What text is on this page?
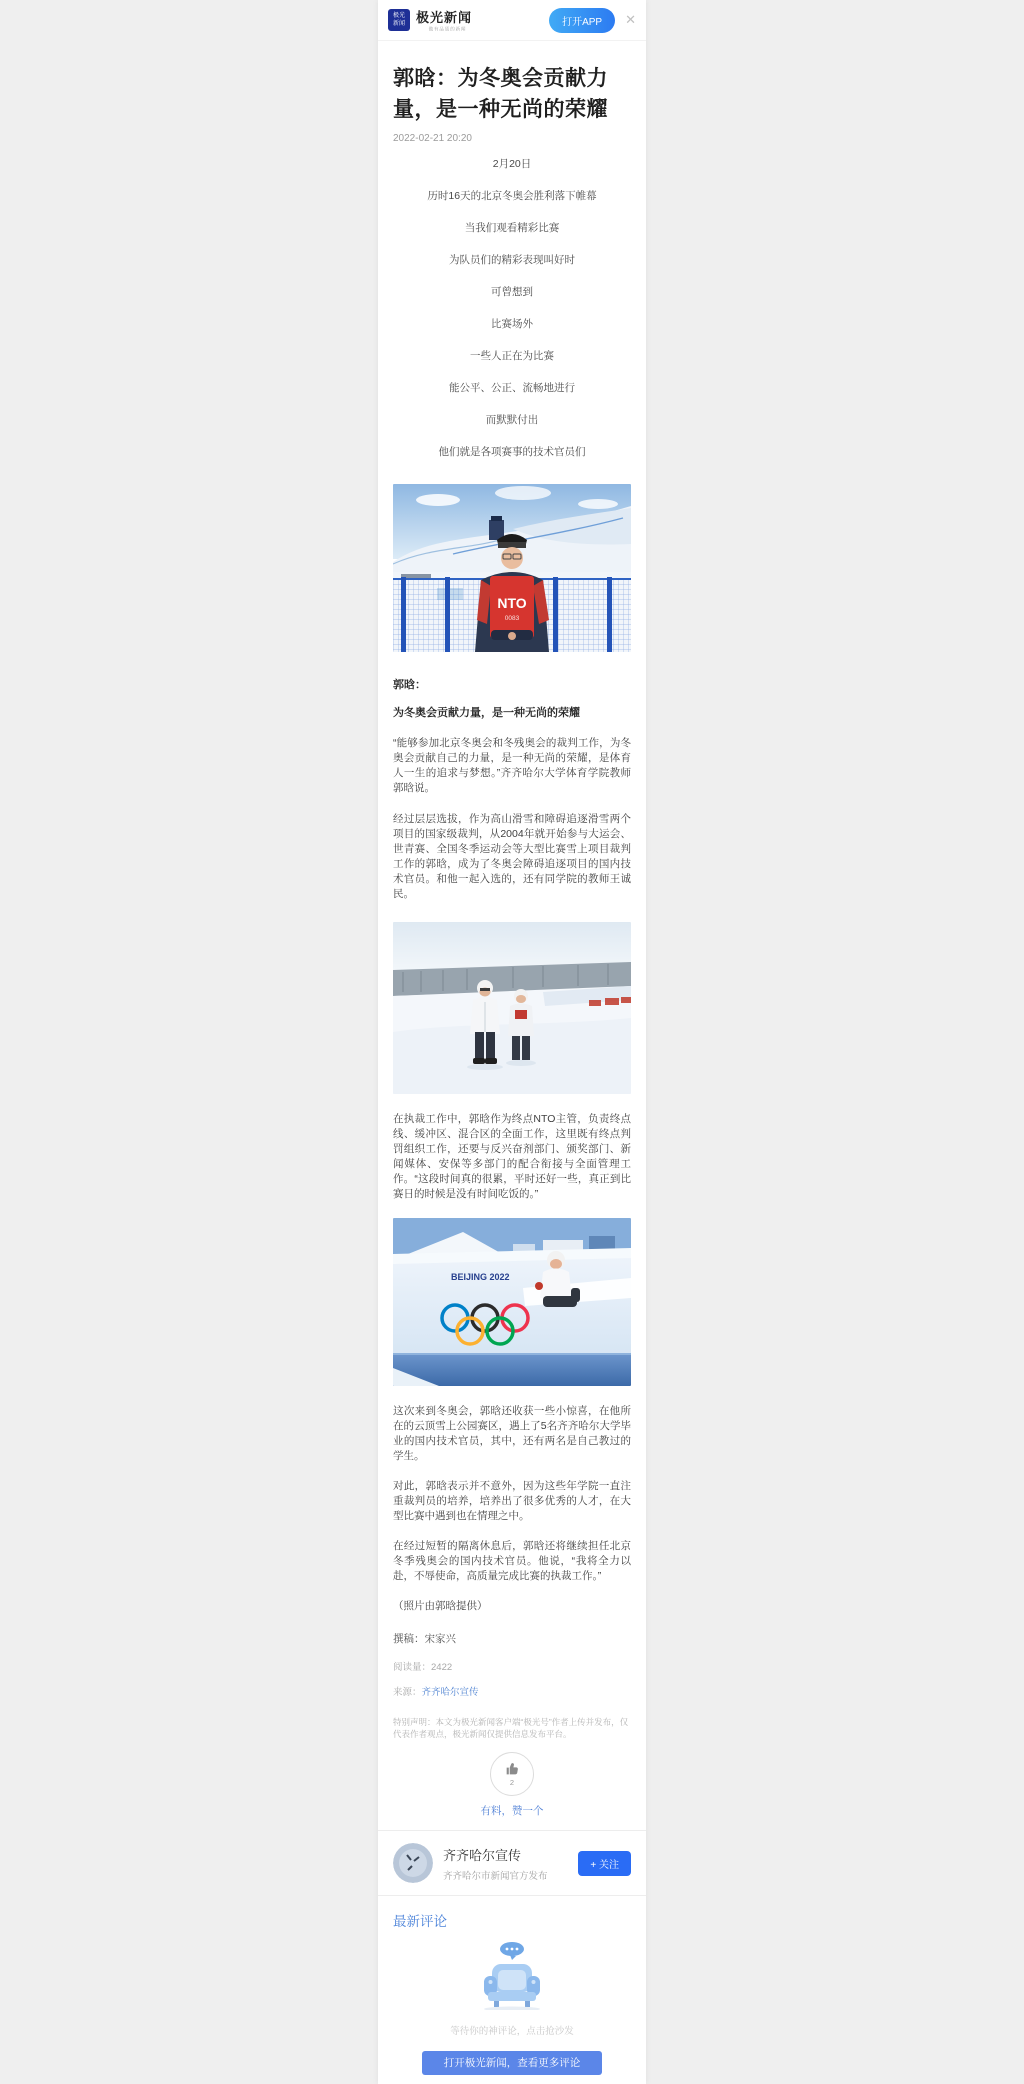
极光
新闻 极光新闻
做有品质的新闻
打开APP	✕
郭晗：为冬奥会贡献力量，是一种无尚的荣耀
2022-02-21 20:20
2月20日
历时16天的北京冬奥会胜利落下帷幕
当我们观看精彩比赛
为队员们的精彩表现叫好时
可曾想到
比赛场外
一些人正在为比赛
能公平、公正、流畅地进行
而默默付出
他们就是各项赛事的技术官员们
NTO
0083
郭晗：
为冬奥会贡献力量，是一种无尚的荣耀

“能够参加北京冬奥会和冬残奥会的裁判工作，为冬奥会贡献自己的力量，是一种无尚的荣耀，是体育人一生的追求与梦想。”齐齐哈尔大学体育学院教师郭晗说。

经过层层选拔，作为高山滑雪和障碍追逐滑雪两个项目的国家级裁判，从2004年就开始参与大运会、世青赛、全国冬季运动会等大型比赛雪上项目裁判工作的郭晗，成为了冬奥会障碍追逐项目的国内技术官员。和他一起入选的，还有同学院的教师王诚民。

在执裁工作中，郭晗作为终点NTO主管，负责终点线、缓冲区、混合区的全面工作，这里既有终点判罚组织工作，还要与反兴奋剂部门、颁奖部门、新闻媒体、安保等多部门的配合衔接与全面管理工作。“这段时间真的很累，平时还好一些，真正到比赛日的时候是没有时间吃饭的。”

BEIJING 2022

这次来到冬奥会，郭晗还收获一些小惊喜，在他所在的云顶雪上公园赛区，遇上了5名齐齐哈尔大学毕业的国内技术官员，其中，还有两名是自己教过的学生。

对此，郭晗表示并不意外，因为这些年学院一直注重裁判员的培养，培养出了很多优秀的人才，在大型比赛中遇到也在情理之中。

在经过短暂的隔离休息后，郭晗还将继续担任北京冬季残奥会的国内技术官员。他说，“我将全力以赴，不辱使命，高质量完成比赛的执裁工作。”

（照片由郭晗提供）
撰稿：宋家兴
阅读量：2422
来源：齐齐哈尔宣传
特别声明：本文为极光新闻客户端“极光号”作者上传并发布，仅代表作者观点，极光新闻仅提供信息发布平台。
2
有料，赞一个
齐齐哈尔宣传
齐齐哈尔市新闻官方发布
+ 关注
最新评论
等待你的神评论，点击抢沙发
打开极光新闻，查看更多评论
